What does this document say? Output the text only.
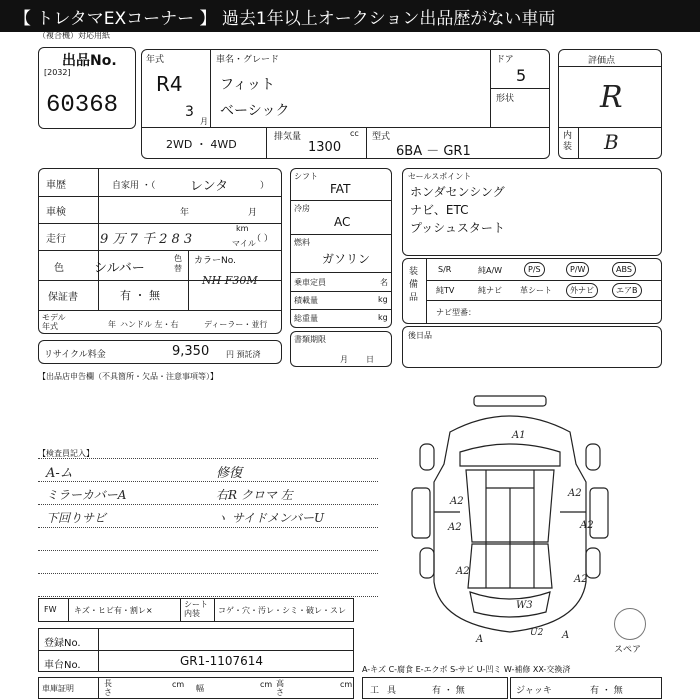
【 トレタマEXコーナー 】 過去1年以上オークション出品歴がない車両
（複合機）対応用紙
出品No.
[2032]
60368
年式
R4
3
月
車名・グレード
フィット
ベーシック
ドア
5
形状
2WD ・ 4WD
排気量	cc
1300
型式
6BA － GR1
評価点
R
内装 B
車歴	自家用 ・（	レンタ	）
車検	年	月
走行	9 万 7 千 2 8 3
km
マイル
（ ）
色 シルバー
色替
カラーNo.
NH F30M
保証書	有 ・ 無
モデル年式	年 ハンドル 左・右	ディーラー・並行
リサイクル料金	9,350 円 預託済
シフト
FAT
冷房
AC
燃料
ガソリン
乗車定員	名
積載量	kg
総重量	kg
書類期限
月日
セールスポイント
ホンダセンシング
ナビ、ETC
プッシュスタート
装備品
S/R	純A/W	P/S	P/W	ABS
純TV	純ナビ 革シート	外ナビ	エアB
ナビ型番：
後日品
【出品店申告欄（不具箇所・欠品・注意事項等）】
【検査員記入】
A-ム	修復
ミラーカバーA	右R クロマ 左
下回りサビ	ヽ サイドメンバーU
FW キズ・ヒビ有・割レ×
シート内装	コゲ・穴・汚レ・シミ・破レ・スレ
登録No.
車台No.	GR1-1107614
車庫証明
長さ
cm 幅	cm 高さ
cm
A1
A2
A2	A2
A2
A2
A2
W3
U2
A	A
スペア
A-キズ C-腐食 E-エクボ S-サビ U-凹ミ W-補修 XX-交換済
工具	有 ・ 無	ジャッキ	有 ・ 無
